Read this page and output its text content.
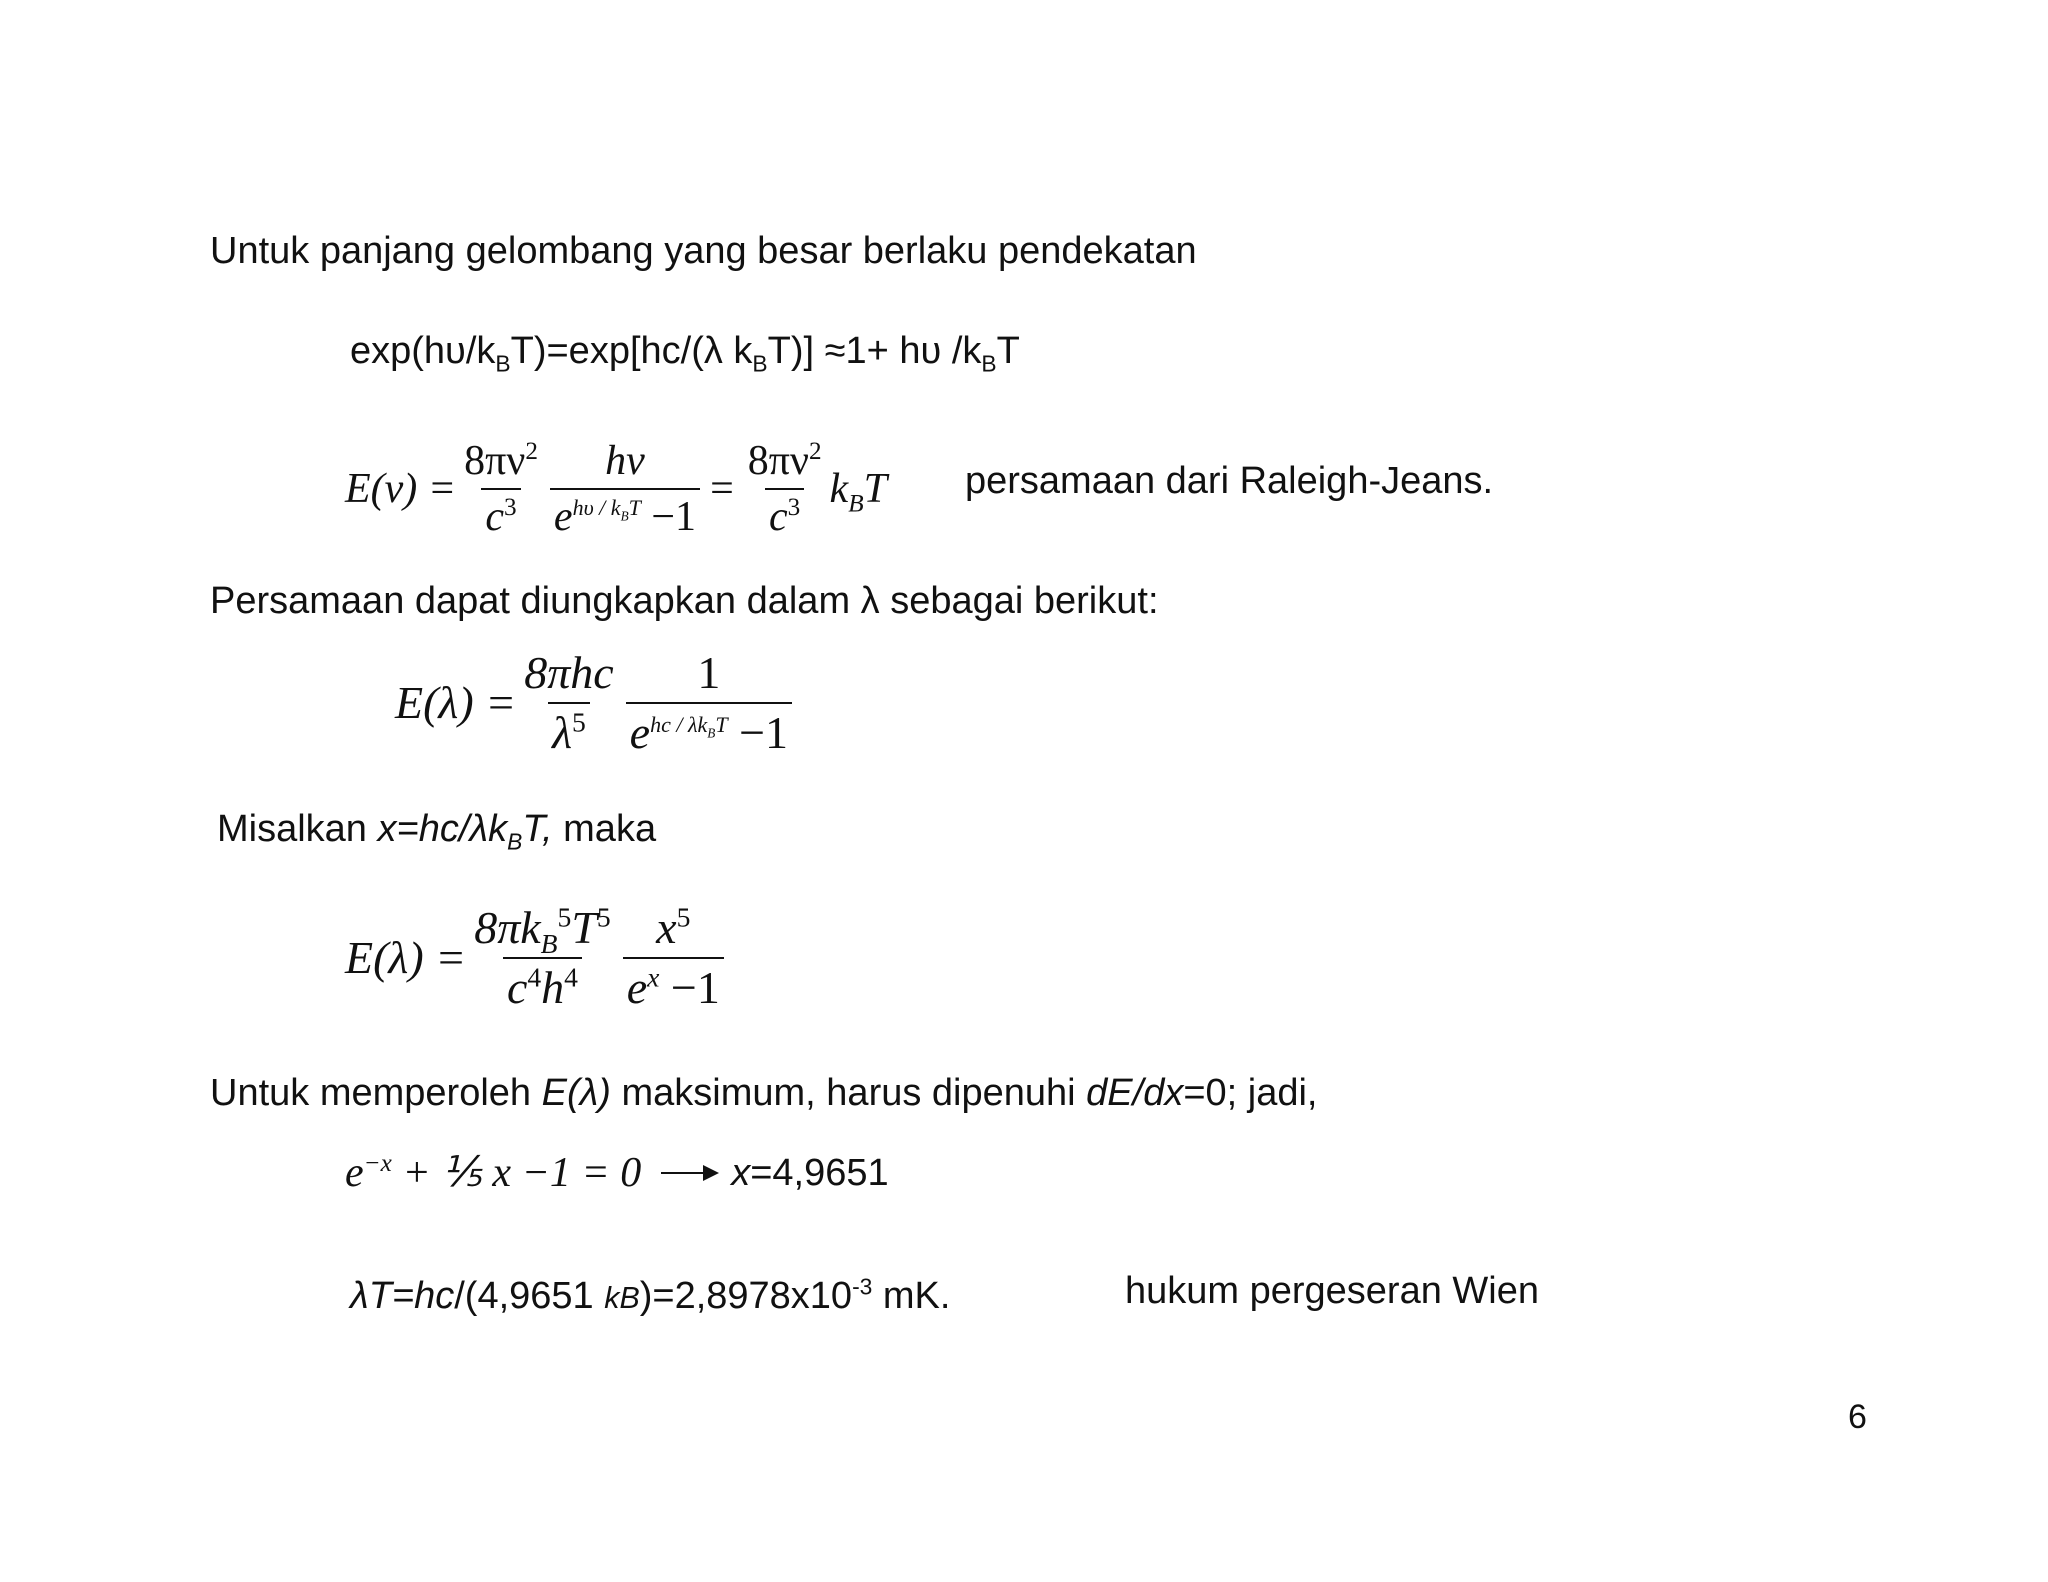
Untuk panjang gelombang yang besar berlaku pendekatan
$\exp(h\upsilon/k_BT)=\exp[hc/(\lambda$ $k_BT)] \approx 1+ h\upsilon$ $/k_BT$
$E(\nu) = \frac{8\pi\nu^2}{c^3} \frac{h\nu}{e^{h\upsilon / k_BT} -1} = \frac{8\pi\nu^2}{c^3} k_BT$ persamaan dari Raleigh-Jeans.
Persamaan dapat diungkapkan dalam λ sebagai berikut:
$E(\lambda) = \frac{\text{8πhc}}{\lambda^5} \frac{1}{e^{hc / \lambda k_BT} -1}$
Misalkan $x=hc/\lambda k_BT$, maka
$E(\lambda) = \frac{8\pi k_B^5T^5}{c^4h^4} \frac{x^5}{e^x -1}$
Untuk memperoleh E(λ) maksimum, harus dipenuhi dE/dx=0; jadi,
$e^{-x}$ + ⅕ x −1 = 0 x=4,9651
λT=hc/(4,9651 $kB)=2,8978x10^{-3}$ mK.	hukum pergeseran Wien
6
